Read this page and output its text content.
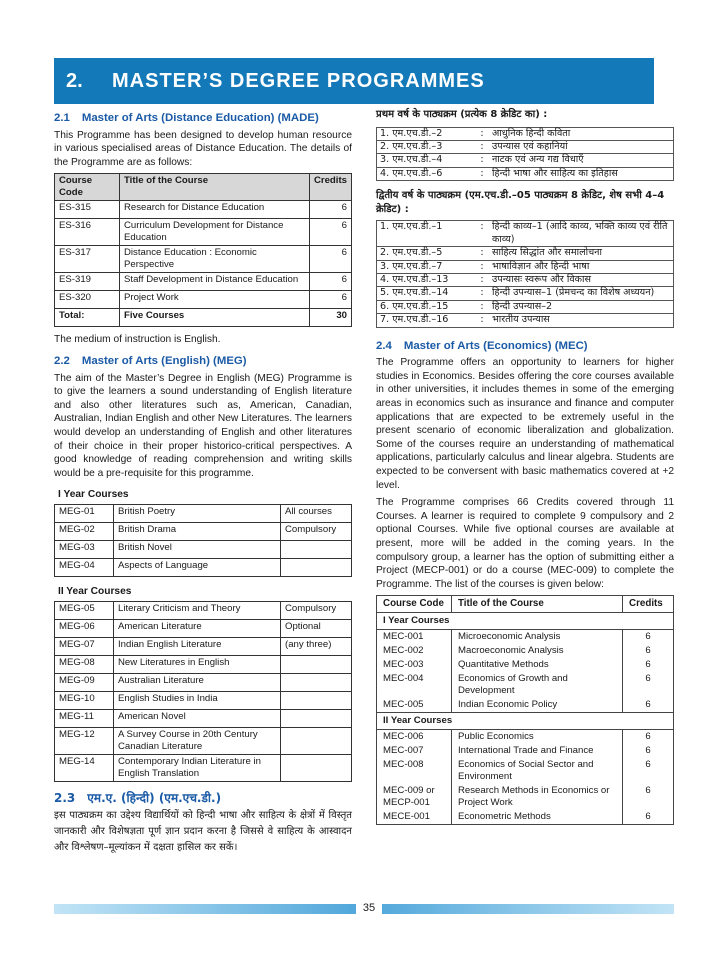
2.	MASTER’S DEGREE PROGRAMMES
2.1 Master of Arts (Distance Education) (MADE)

This Programme has been designed to develop human resource in various specialised areas of Distance Education. The details of the Programme are as follows:

Course Code	Title of the Course	Credits
ES-315	Research for Distance Education	6
ES-316	Curriculum Development for Distance Education	6
ES-317	Distance Education : Economic Perspective	6
ES-319	Staff Development in Distance Education	6
ES-320	Project Work	6
Total:	Five Courses	30

The medium of instruction is English.

2.2 Master of Arts (English) (MEG)

The aim of the Master’s Degree in English (MEG) Programme is to give the learners a sound understanding of English literature and also other literatures such as, American, Canadian, Australian, Indian English and other New Literatures. The learners would develop an understanding of English and other literatures of their choice in their proper historico-critical perspectives. A good knowledge of reading comprehension and writing skills would be a pre-requisite for this programme.

I Year Courses
MEG-01	British Poetry	All courses
MEG-02	British Drama	Compulsory
MEG-03	British Novel	
MEG-04	Aspects of Language	
II Year Courses
MEG-05	Literary Criticism and Theory	Compulsory
MEG-06	American Literature	Optional
MEG-07	Indian English Literature	(any three)
MEG-08	New Literatures in English	
MEG-09	Australian Literature	
MEG-10	English Studies in India	
MEG-11	American Novel	
MEG-12	A Survey Course in 20th Century Canadian Literature	
MEG-14	Contemporary Indian Literature in English Translation	
2.3 एम.ए. (हिन्दी) (एम.एच.डी.)

इस पाठ्यक्रम का उद्देश्य विद्यार्थियों को हिन्दी भाषा और साहित्य के क्षेत्रों में विस्तृत जानकारी और विशेषज्ञता पूर्ण ज्ञान प्रदान करना है जिससे वे साहित्य के आस्वादन और विश्लेषण–मूल्यांकन में दक्षता हासिल कर सकें।

प्रथम वर्ष के पाठ्यक्रम (प्रत्येक 8 क्रेडिट का) :
1. एम.एच.डी.–2	:	आधुनिक हिन्दी कविता
2. एम.एच.डी.–3	:	उपन्यास एवं कहानियां
3. एम.एच.डी.–4	:	नाटक एवं अन्य गद्य विधाएँ
4. एम.एच.डी.–6	:	हिन्दी भाषा और साहित्य का इतिहास
द्वितीय वर्ष के पाठ्यक्रम (एम.एच.डी.–05 पाठ्यक्रम 8 क्रेडिट, शेष सभी 4–4 क्रेडिट) :
1. एम.एच.डी.–1	:	हिन्दी काव्य–1 (आदि काव्य, भक्ति काव्य एवं रीति काव्य)
2. एम.एच.डी.–5	:	साहित्य सिद्धांत और समालोचना
3. एम.एच.डी.–7	:	भाषाविज्ञान और हिन्दी भाषा
4. एम.एच.डी.–13	:	उपन्यासः स्वरूप और विकास
5. एम.एच.डी.–14	:	हिन्दी उपन्यास–1 (प्रेमचन्द का विशेष अध्ययन)
6. एम.एच.डी.–15	:	हिन्दी उपन्यास–2
7. एम.एच.डी.–16	:	भारतीय उपन्यास
2.4 Master of Arts (Economics) (MEC)

The Programme offers an opportunity to learners for higher studies in Economics. Besides offering the core courses available in other universities, it includes themes in some of the emerging areas in economics such as insurance and finance and computer applications that are expected to be extremely useful in the present scenario of economic liberalization and globalization. Some of the courses require an understanding of mathematical applications, particularly calculus and linear algebra. Students are expected to be conversent with basic mathematics covered at +2 level.

The Programme comprises 66 Credits covered through 11 Courses. A learner is required to complete 9 compulsory and 2 optional Courses. While five optional courses are available at present, more will be added in the coming years. In the compulsory group, a learner has the option of submitting either a Project (MECP-001) or do a course (MEC-009) to complete the Programme. The list of the courses is given below:

Course Code	Title of the Course	Credits
I Year Courses		
MEC-001	Microeconomic Analysis	6
MEC-002	Macroeconomic Analysis	6
MEC-003	Quantitative Methods	6
MEC-004	Economics of Growth and Development	6
MEC-005	Indian Economic Policy	6
II Year Courses		
MEC-006	Public Economics	6
MEC-007	International Trade and Finance	6
MEC-008	Economics of Social Sector and Environment	6
MEC-009 or MECP-001	Research Methods in Economics or Project Work	6
MECE-001	Econometric Methods	6
35
